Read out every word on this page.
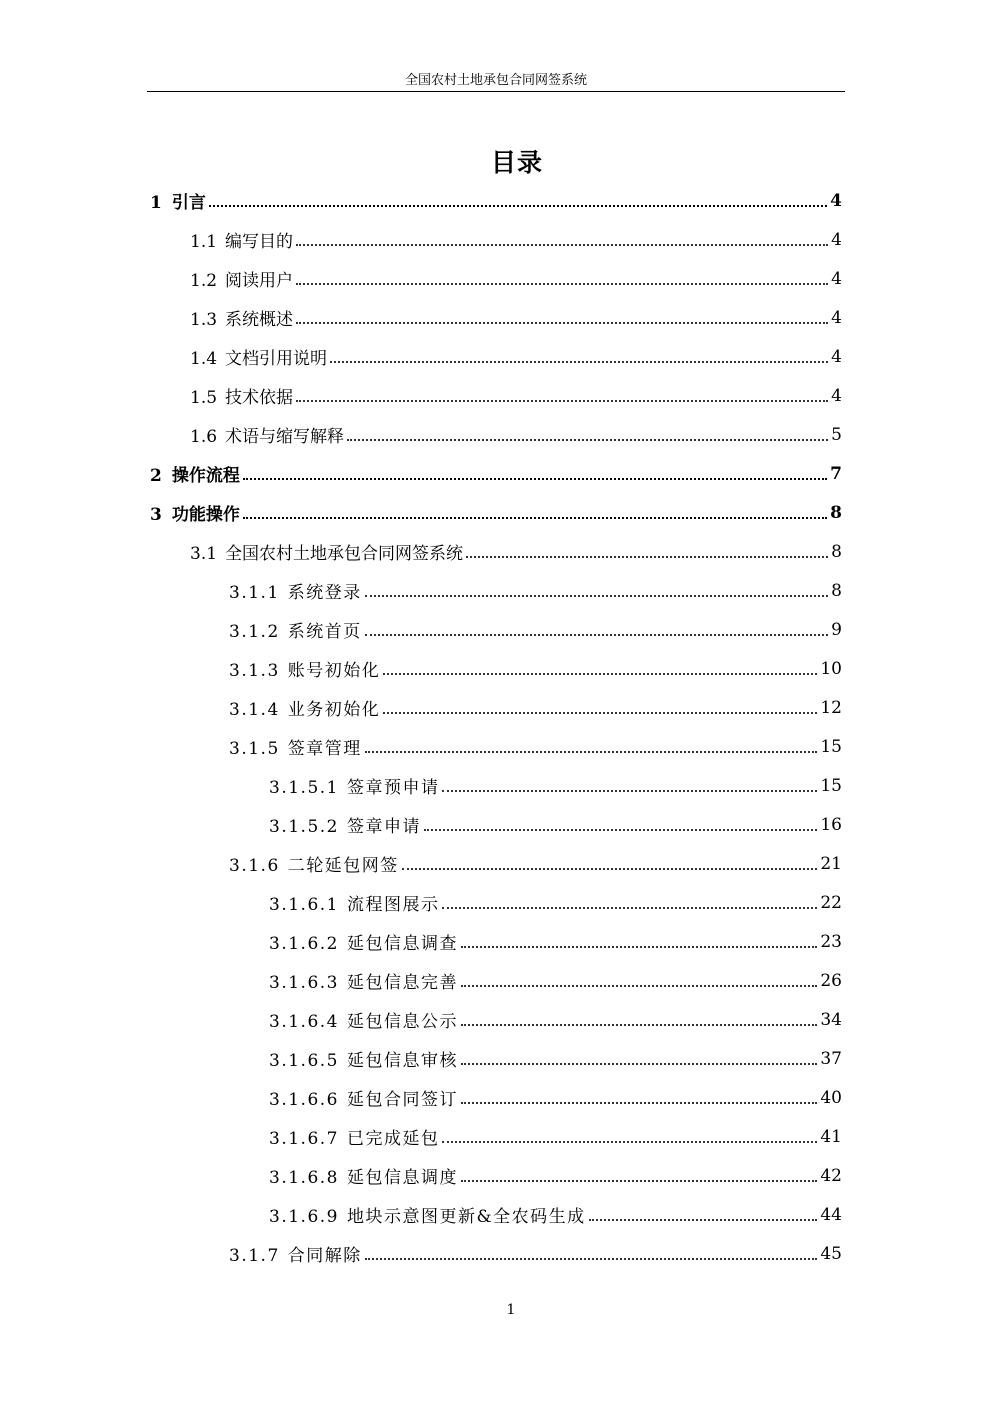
全国农村土地承包合同网签系统
目录
1 引言	4
1.1 编写目的	4
1.2 阅读用户	4
1.3 系统概述	4
1.4 文档引用说明	4
1.5 技术依据	4
1.6 术语与缩写解释	5
2 操作流程	7
3 功能操作	8
3.1 全国农村土地承包合同网签系统	8
3.1.1 系统登录	8
3.1.2 系统首页	9
3.1.3 账号初始化	10
3.1.4 业务初始化	12
3.1.5 签章管理	15
3.1.5.1 签章预申请	15
3.1.5.2 签章申请	16
3.1.6 二轮延包网签	21
3.1.6.1 流程图展示	22
3.1.6.2 延包信息调查	23
3.1.6.3 延包信息完善	26
3.1.6.4 延包信息公示	34
3.1.6.5 延包信息审核	37
3.1.6.6 延包合同签订	40
3.1.6.7 已完成延包	41
3.1.6.8 延包信息调度	42
3.1.6.9 地块示意图更新&全农码生成	44
3.1.7 合同解除	45
1
